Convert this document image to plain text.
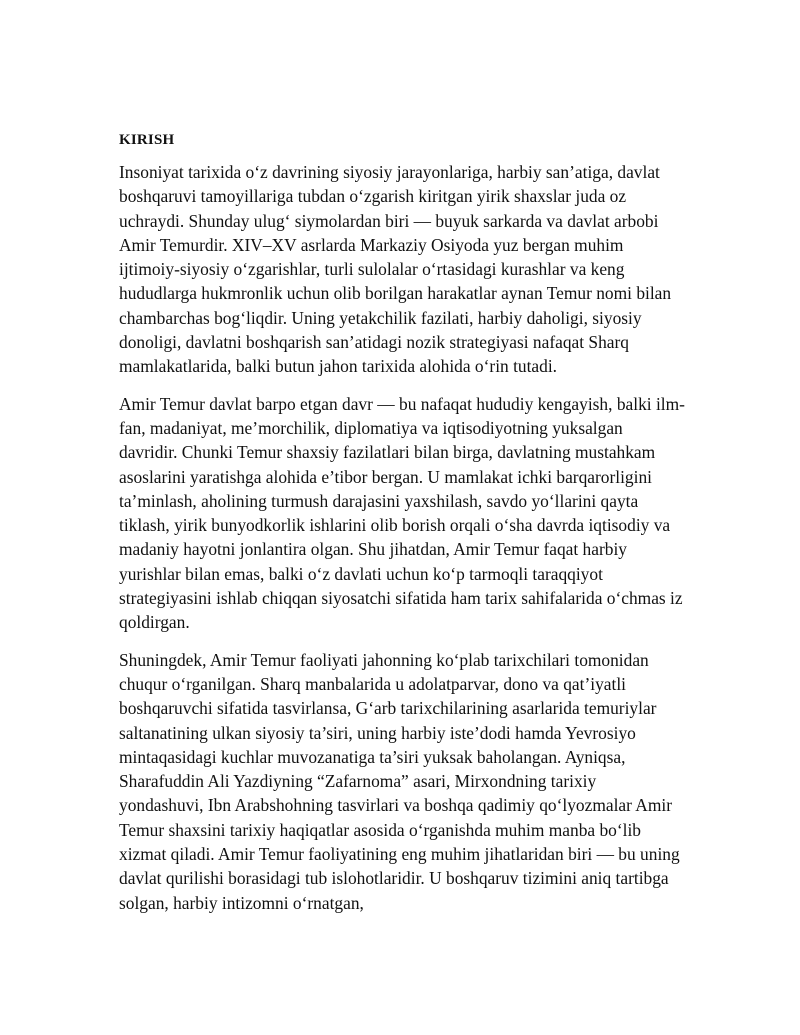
KIRISH

Insoniyat tarixida o‘z davrining siyosiy jarayonlariga, harbiy san’atiga, davlat boshqaruvi tamoyillariga tubdan o‘zgarish kiritgan yirik shaxslar juda oz uchraydi. Shunday ulug‘ siymolardan biri — buyuk sarkarda va davlat arbobi Amir Temurdir. XIV–XV asrlarda Markaziy Osiyoda yuz bergan muhim ijtimoiy-siyosiy o‘zgarishlar, turli sulolalar o‘rtasidagi kurashlar va keng hududlarga hukmronlik uchun olib borilgan harakatlar aynan Temur nomi bilan chambarchas bog‘liqdir. Uning yetakchilik fazilati, harbiy daholigi, siyosiy donoligi, davlatni boshqarish san’atidagi nozik strategiyasi nafaqat Sharq mamlakatlarida, balki butun jahon tarixida alohida o‘rin tutadi.

Amir Temur davlat barpo etgan davr — bu nafaqat hududiy kengayish, balki ilm-fan, madaniyat, me’morchilik, diplomatiya va iqtisodiyotning yuksalgan davridir. Chunki Temur shaxsiy fazilatlari bilan birga, davlatning mustahkam asoslarini yaratishga alohida e’tibor bergan. U mamlakat ichki barqarorligini ta’minlash, aholining turmush darajasini yaxshilash, savdo yo‘llarini qayta tiklash, yirik bunyodkorlik ishlarini olib borish orqali o‘sha davrda iqtisodiy va madaniy hayotni jonlantira olgan. Shu jihatdan, Amir Temur faqat harbiy yurishlar bilan emas, balki o‘z davlati uchun ko‘p tarmoqli taraqqiyot strategiyasini ishlab chiqqan siyosatchi sifatida ham tarix sahifalarida o‘chmas iz qoldirgan.

Shuningdek, Amir Temur faoliyati jahonning ko‘plab tarixchilari tomonidan chuqur o‘rganilgan. Sharq manbalarida u adolatparvar, dono va qat’iyatli boshqaruvchi sifatida tasvirlansa, G‘arb tarixchilarining asarlarida temuriylar saltanatining ulkan siyosiy ta’siri, uning harbiy iste’dodi hamda Yevrosiyo mintaqasidagi kuchlar muvozanatiga ta’siri yuksak baholangan. Ayniqsa, Sharafuddin Ali Yazdiyning “Zafarnoma” asari, Mirxondning tarixiy yondashuvi, Ibn Arabshohning tasvirlari va boshqa qadimiy qo‘lyozmalar Amir Temur shaxsini tarixiy haqiqatlar asosida o‘rganishda muhim manba bo‘lib xizmat qiladi. Amir Temur faoliyatining eng muhim jihatlaridan biri — bu uning davlat qurilishi borasidagi tub islohotlaridir. U boshqaruv tizimini aniq tartibga solgan, harbiy intizomni o‘rnatgan,
